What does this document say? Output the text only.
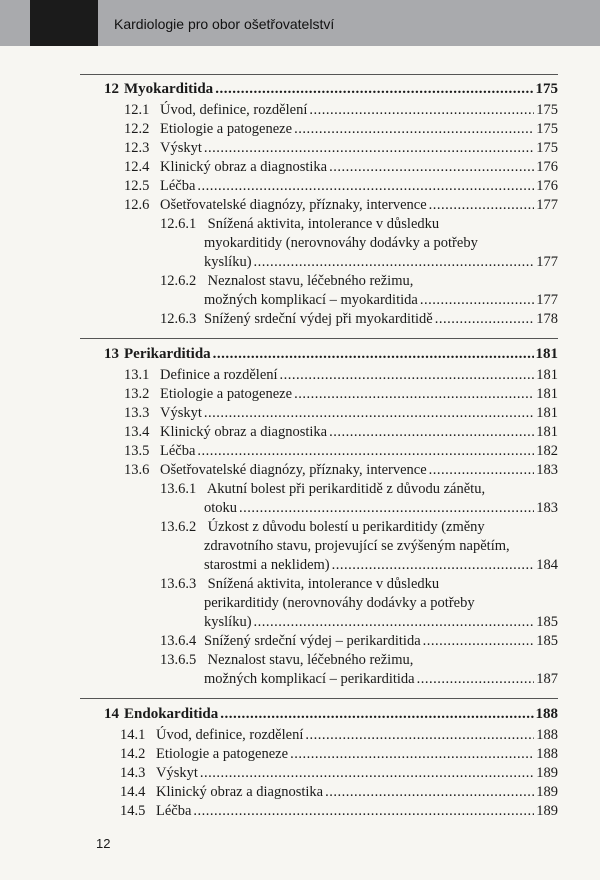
Kardiologie pro obor ošetřovatelství
12 Myokarditida .....	175
12.1 Úvod, definice, rozdělení .....	175
12.2 Etiologie a patogeneze .....	175
12.3 Výskyt .....	175
12.4 Klinický obraz a diagnostika .....	176
12.5 Léčba .....	176
12.6 Ošetřovatelské diagnózy, příznaky, intervence .....	177
12.6.1 Snížená aktivita, intolerance v důsledku
myokarditidy (nerovnováhy dodávky a potřeby
kyslíku) .....	177
12.6.2 Neznalost stavu, léčebného režimu,
možných komplikací – myokarditida .....	177
12.6.3 Snížený srdeční výdej při myokarditidě .....	178
13 Perikarditida .....	181
13.1 Definice a rozdělení .....	181
13.2 Etiologie a patogeneze .....	181
13.3 Výskyt .....	181
13.4 Klinický obraz a diagnostika .....	181
13.5 Léčba .....	182
13.6 Ošetřovatelské diagnózy, příznaky, intervence .....	183
13.6.1 Akutní bolest při perikarditidě z důvodu zánětu,
otoku .....	183
13.6.2 Úzkost z důvodu bolestí u perikarditidy (změny
zdravotního stavu, projevující se zvýšeným napětím,
starostmi a neklidem) .....	184
13.6.3 Snížená aktivita, intolerance v důsledku
perikarditidy (nerovnováhy dodávky a potřeby
kyslíku) .....	185
13.6.4 Snížený srdeční výdej – perikarditida .....	185
13.6.5 Neznalost stavu, léčebného režimu,
možných komplikací – perikarditida .....	187
14 Endokarditida .....	188
14.1 Úvod, definice, rozdělení .....	188
14.2 Etiologie a patogeneze .....	188
14.3 Výskyt .....	189
14.4 Klinický obraz a diagnostika .....	189
14.5 Léčba .....	189
12
